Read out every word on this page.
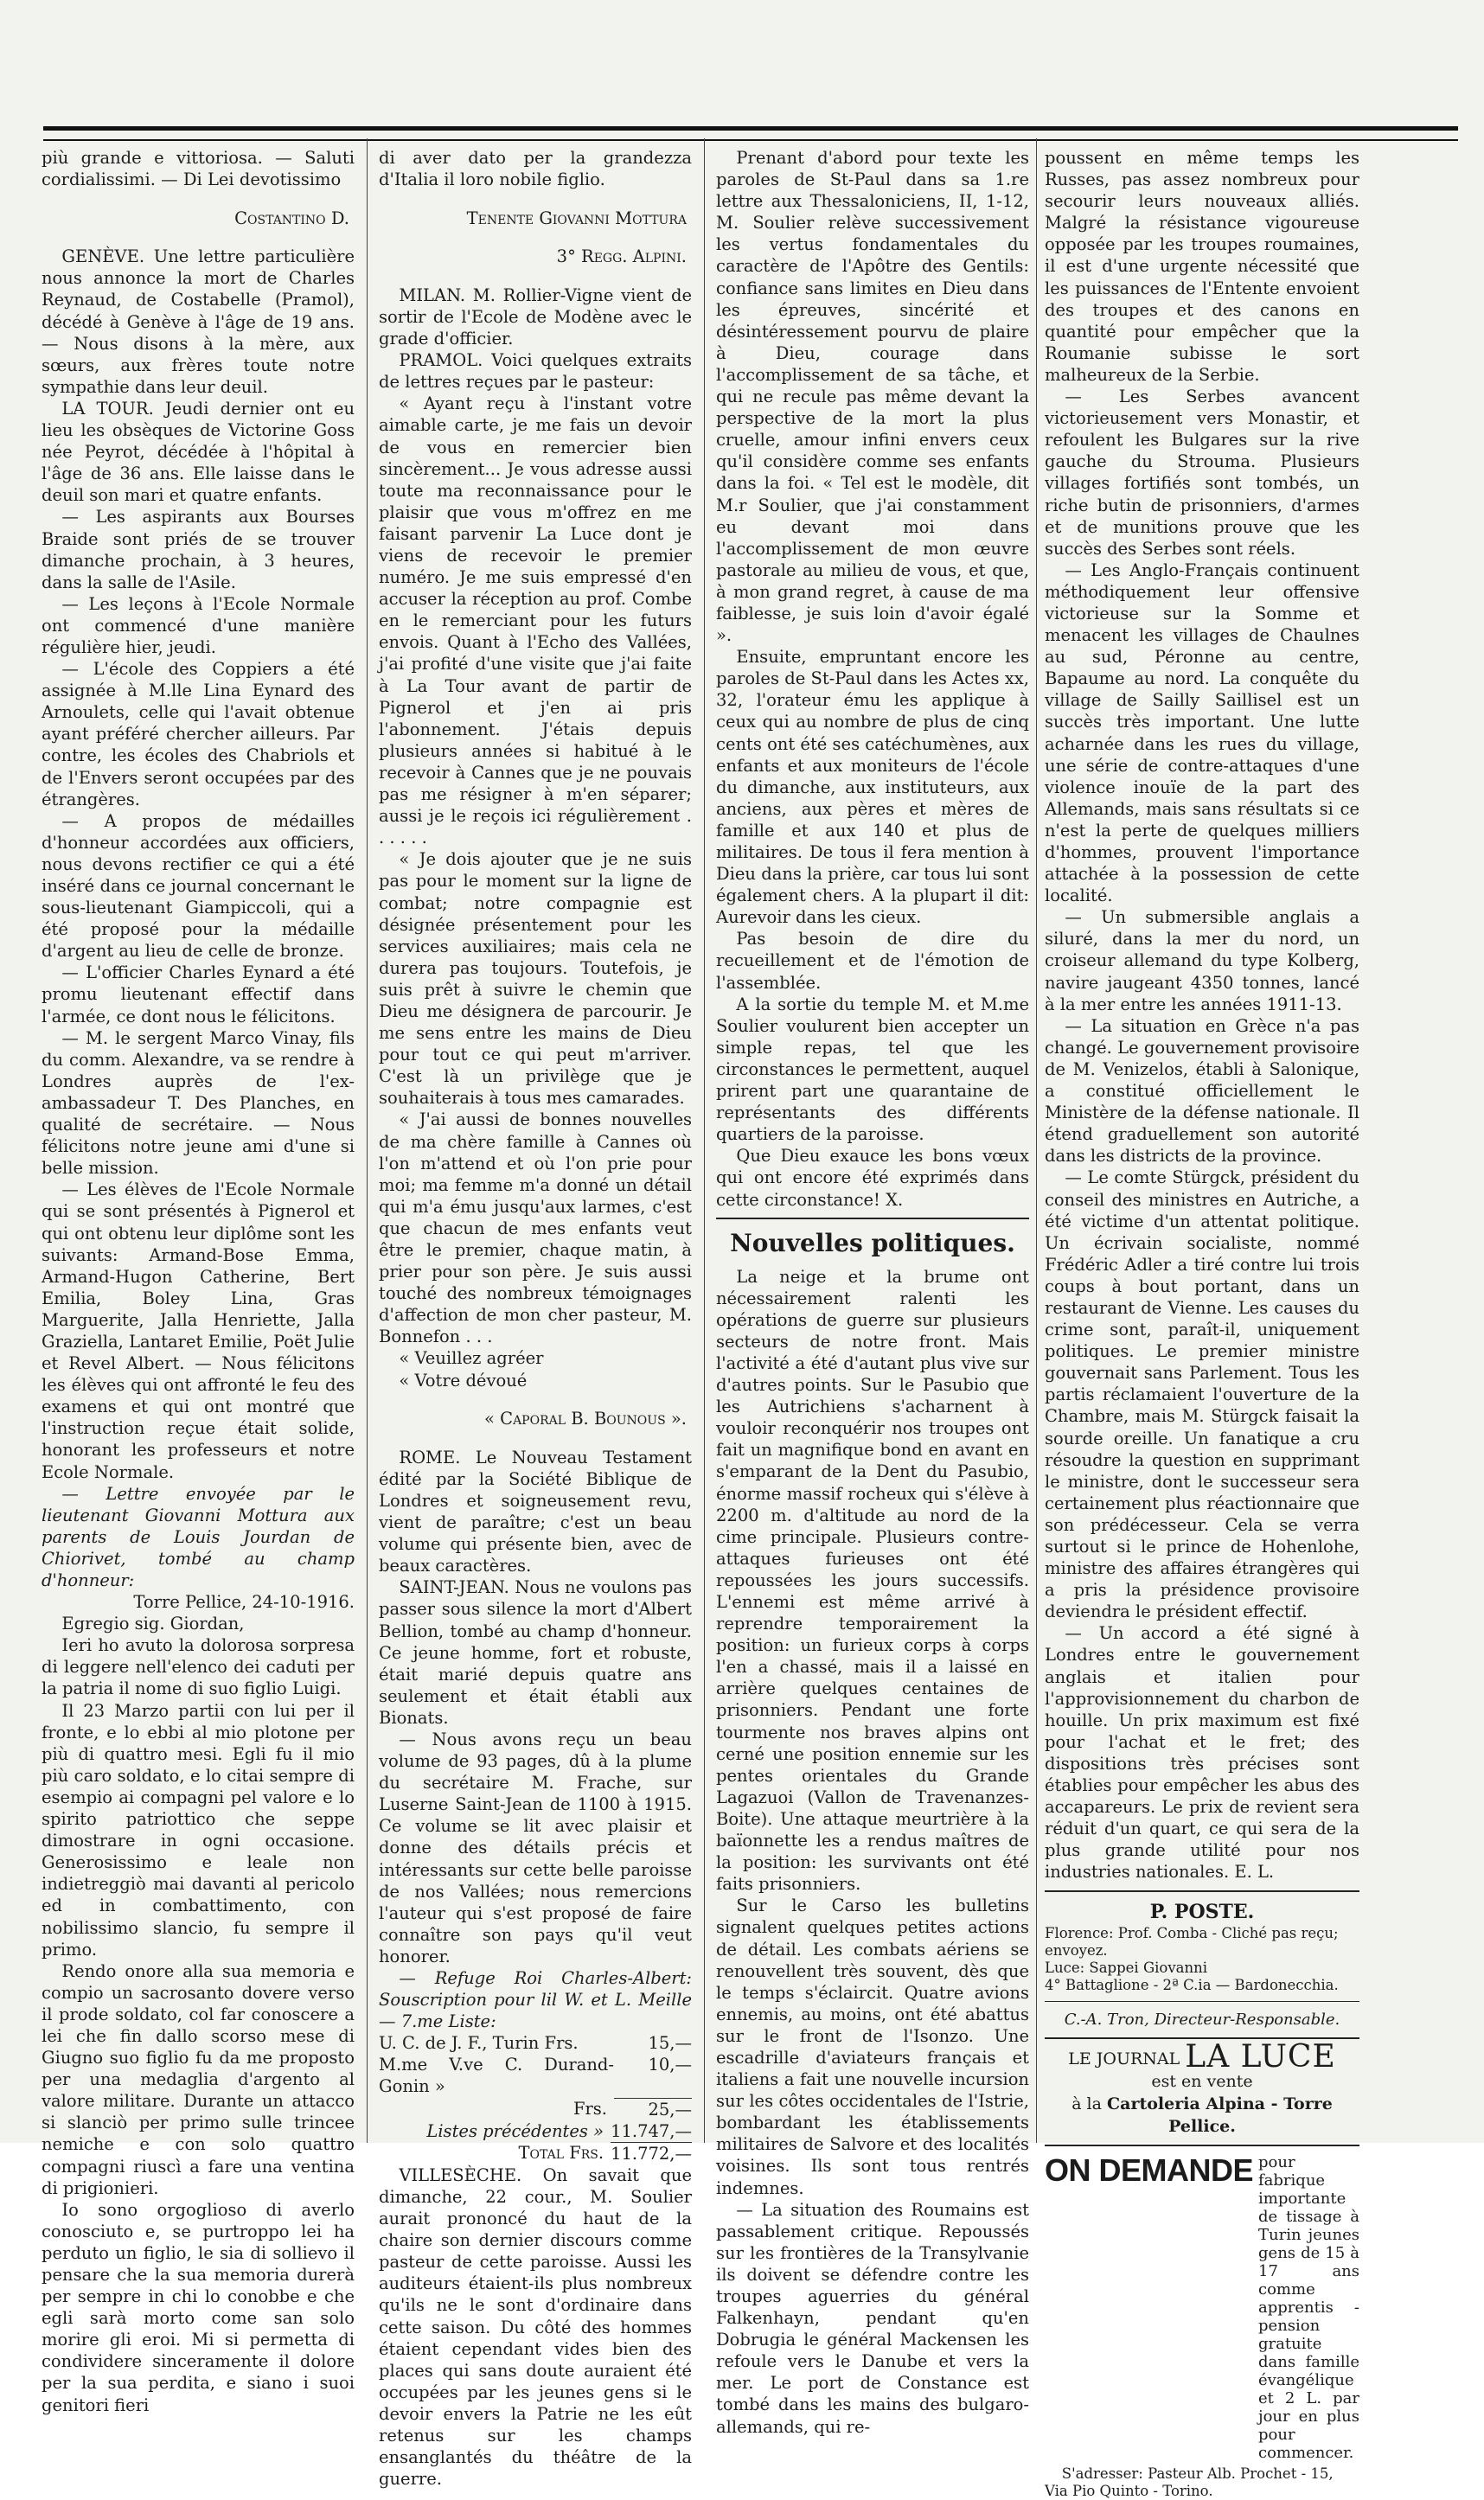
più grande e vittoriosa. — Saluti cordialissimi. — Di Lei devotissimo

Costantino D.

GENÈVE. Une lettre particulière nous annonce la mort de Charles Reynaud, de Costabelle (Pramol), décédé à Genève à l'âge de 19 ans. — Nous disons à la mère, aux sœurs, aux frères toute notre sympathie dans leur deuil.

LA TOUR. Jeudi dernier ont eu lieu les obsèques de Victorine Goss née Peyrot, décédée à l'hôpital à l'âge de 36 ans. Elle laisse dans le deuil son mari et quatre enfants.

— Les aspirants aux Bourses Braide sont priés de se trouver dimanche prochain, à 3 heures, dans la salle de l'Asile.

— Les leçons à l'Ecole Normale ont commencé d'une manière régulière hier, jeudi.

— L'école des Coppiers a été assignée à M.lle Lina Eynard des Arnoulets, celle qui l'avait obtenue ayant préféré chercher ailleurs. Par contre, les écoles des Chabriols et de l'Envers seront occupées par des étrangères.

— A propos de médailles d'honneur accordées aux officiers, nous devons rectifier ce qui a été inséré dans ce journal concernant le sous-lieutenant Giampiccoli, qui a été proposé pour la médaille d'argent au lieu de celle de bronze.

— L'officier Charles Eynard a été promu lieutenant effectif dans l'armée, ce dont nous le félicitons.

— M. le sergent Marco Vinay, fils du comm. Alexandre, va se rendre à Londres auprès de l'ex-ambassadeur T. Des Planches, en qualité de secrétaire. — Nous félicitons notre jeune ami d'une si belle mission.

— Les élèves de l'Ecole Normale qui se sont présentés à Pignerol et qui ont obtenu leur diplôme sont les suivants: Armand-Bose Emma, Armand-Hugon Catherine, Bert Emilia, Boley Lina, Gras Marguerite, Jalla Henriette, Jalla Graziella, Lantaret Emilie, Poët Julie et Revel Albert. — Nous félicitons les élèves qui ont affronté le feu des examens et qui ont montré que l'instruction reçue était solide, honorant les professeurs et notre Ecole Normale.

— Lettre envoyée par le lieutenant Giovanni Mottura aux parents de Louis Jourdan de Chiorivet, tombé au champ d'honneur:

Torre Pellice, 24-10-1916.

Egregio sig. Giordan,

Ieri ho avuto la dolorosa sorpresa di leggere nell'elenco dei caduti per la patria il nome di suo figlio Luigi.

Il 23 Marzo partii con lui per il fronte, e lo ebbi al mio plotone per più di quattro mesi. Egli fu il mio più caro soldato, e lo citai sempre di esempio ai compagni pel valore e lo spirito patriottico che seppe dimostrare in ogni occasione. Generosissimo e leale non indietreggiò mai davanti al pericolo ed in combattimento, con nobilissimo slancio, fu sempre il primo.

Rendo onore alla sua memoria e compio un sacrosanto dovere verso il prode soldato, col far conoscere a lei che fin dallo scorso mese di Giugno suo figlio fu da me proposto per una medaglia d'argento al valore militare. Durante un attacco si slanciò per primo sulle trincee nemiche e con solo quattro compagni riuscì a fare una ventina di prigionieri.

Io sono orgoglioso di averlo conosciuto e, se purtroppo lei ha perduto un figlio, le sia di sollievo il pensare che la sua memoria durerà per sempre in chi lo conobbe e che egli sarà morto come san solo morire gli eroi. Mi si permetta di condividere sinceramente il dolore per la sua perdita, e siano i suoi genitori fieri

di aver dato per la grandezza d'Italia il loro nobile figlio.

Tenente Giovanni Mottura

3° Regg. Alpini.

MILAN. M. Rollier-Vigne vient de sortir de l'Ecole de Modène avec le grade d'officier.

PRAMOL. Voici quelques extraits de lettres reçues par le pasteur:

« Ayant reçu à l'instant votre aimable carte, je me fais un devoir de vous en remercier bien sincèrement... Je vous adresse aussi toute ma reconnaissance pour le plaisir que vous m'offrez en me faisant parvenir La Luce dont je viens de recevoir le premier numéro. Je me suis empressé d'en accuser la réception au prof. Combe en le remerciant pour les futurs envois. Quant à l'Echo des Vallées, j'ai profité d'une visite que j'ai faite à La Tour avant de partir de Pignerol et j'en ai pris l'abonnement. J'étais depuis plusieurs années si habitué à le recevoir à Cannes que je ne pouvais pas me résigner à m'en séparer; aussi je le reçois ici régulièrement . . . . . .

« Je dois ajouter que je ne suis pas pour le moment sur la ligne de combat; notre compagnie est désignée présentement pour les services auxiliaires; mais cela ne durera pas toujours. Toutefois, je suis prêt à suivre le chemin que Dieu me désignera de parcourir. Je me sens entre les mains de Dieu pour tout ce qui peut m'arriver. C'est là un privilège que je souhaiterais à tous mes camarades.

« J'ai aussi de bonnes nouvelles de ma chère famille à Cannes où l'on m'attend et où l'on prie pour moi; ma femme m'a donné un détail qui m'a ému jusqu'aux larmes, c'est que chacun de mes enfants veut être le premier, chaque matin, à prier pour son père. Je suis aussi touché des nombreux témoignages d'affection de mon cher pasteur, M. Bonnefon . . .

« Veuillez agréer

« Votre dévoué

« Caporal B. Bounous ».

ROME. Le Nouveau Testament édité par la Société Biblique de Londres et soigneusement revu, vient de paraître; c'est un beau volume qui présente bien, avec de beaux caractères.

SAINT-JEAN. Nous ne voulons pas passer sous silence la mort d'Albert Bellion, tombé au champ d'honneur. Ce jeune homme, fort et robuste, était marié depuis quatre ans seulement et était établi aux Bionats.

— Nous avons reçu un beau volume de 93 pages, dû à la plume du secrétaire M. Frache, sur Luserne Saint-Jean de 1100 à 1915. Ce volume se lit avec plaisir et donne des détails précis et intéressants sur cette belle paroisse de nos Vallées; nous remercions l'auteur qui s'est proposé de faire connaître son pays qu'il veut honorer.

— Refuge Roi Charles-Albert: Souscription pour lil W. et L. Meille — 7.me Liste:

U. C. de J. F., Turin Frs.	15,—
M.me V.ve C. Durand-Gonin »
10,—
Frs.	25,—
Listes précédentes » 11.747,—
Total Frs. 11.772,—

VILLESÈCHE. On savait que dimanche, 22 cour., M. Soulier aurait prononcé du haut de la chaire son dernier discours comme pasteur de cette paroisse. Aussi les auditeurs étaient-ils plus nombreux qu'ils ne le sont d'ordinaire dans cette saison. Du côté des hommes étaient cependant vides bien des places qui sans doute auraient été occupées par les jeunes gens si le devoir envers la Patrie ne les eût retenus sur les champs ensanglantés du théâtre de la guerre.

Prenant d'abord pour texte les paroles de St-Paul dans sa 1.re lettre aux Thessaloniciens, II, 1-12, M. Soulier relève successivement les vertus fondamentales du caractère de l'Apôtre des Gentils: confiance sans limites en Dieu dans les épreuves, sincérité et désintéressement pourvu de plaire à Dieu, courage dans l'accomplissement de sa tâche, et qui ne recule pas même devant la perspective de la mort la plus cruelle, amour infini envers ceux qu'il considère comme ses enfants dans la foi. « Tel est le modèle, dit M.r Soulier, que j'ai constamment eu devant moi dans l'accomplissement de mon œuvre pastorale au milieu de vous, et que, à mon grand regret, à cause de ma faiblesse, je suis loin d'avoir égalé ».

Ensuite, empruntant encore les paroles de St-Paul dans les Actes xx, 32, l'orateur ému les applique à ceux qui au nombre de plus de cinq cents ont été ses catéchumènes, aux enfants et aux moniteurs de l'école du dimanche, aux instituteurs, aux anciens, aux pères et mères de famille et aux 140 et plus de militaires. De tous il fera mention à Dieu dans la prière, car tous lui sont également chers. A la plupart il dit: Aurevoir dans les cieux.

Pas besoin de dire du recueillement et de l'émotion de l'assemblée.

A la sortie du temple M. et M.me Soulier voulurent bien accepter un simple repas, tel que les circonstances le permettent, auquel prirent part une quarantaine de représentants des différents quartiers de la paroisse.

Que Dieu exauce les bons vœux qui ont encore été exprimés dans cette circonstance! X.

Nouvelles politiques.

La neige et la brume ont nécessairement ralenti les opérations de guerre sur plusieurs secteurs de notre front. Mais l'activité a été d'autant plus vive sur d'autres points. Sur le Pasubio que les Autrichiens s'acharnent à vouloir reconquérir nos troupes ont fait un magnifique bond en avant en s'emparant de la Dent du Pasubio, énorme massif rocheux qui s'élève à 2200 m. d'altitude au nord de la cime principale. Plusieurs contre-attaques furieuses ont été repoussées les jours successifs. L'ennemi est même arrivé à reprendre temporairement la position: un furieux corps à corps l'en a chassé, mais il a laissé en arrière quelques centaines de prisonniers. Pendant une forte tourmente nos braves alpins ont cerné une position ennemie sur les pentes orientales du Grande Lagazuoi (Vallon de Travenanzes-Boite). Une attaque meurtrière à la baïonnette les a rendus maîtres de la position: les survivants ont été faits prisonniers.

Sur le Carso les bulletins signalent quelques petites actions de détail. Les combats aériens se renouvellent très souvent, dès que le temps s'éclaircit. Quatre avions ennemis, au moins, ont été abattus sur le front de l'Isonzo. Une escadrille d'aviateurs français et italiens a fait une nouvelle incursion sur les côtes occidentales de l'Istrie, bombardant les établissements militaires de Salvore et des localités voisines. Ils sont tous rentrés indemnes.

— La situation des Roumains est passablement critique. Repoussés sur les frontières de la Transylvanie ils doivent se défendre contre les troupes aguerries du général Falkenhayn, pendant qu'en Dobrugia le général Mackensen les refoule vers le Danube et vers la mer. Le port de Constance est tombé dans les mains des bulgaro-allemands, qui re-

poussent en même temps les Russes, pas assez nombreux pour secourir leurs nouveaux alliés. Malgré la résistance vigoureuse opposée par les troupes roumaines, il est d'une urgente nécessité que les puissances de l'Entente envoient des troupes et des canons en quantité pour empêcher que la Roumanie subisse le sort malheureux de la Serbie.

— Les Serbes avancent victorieusement vers Monastir, et refoulent les Bulgares sur la rive gauche du Strouma. Plusieurs villages fortifiés sont tombés, un riche butin de prisonniers, d'armes et de munitions prouve que les succès des Serbes sont réels.

— Les Anglo-Français continuent méthodiquement leur offensive victorieuse sur la Somme et menacent les villages de Chaulnes au sud, Péronne au centre, Bapaume au nord. La conquête du village de Sailly Saillisel est un succès très important. Une lutte acharnée dans les rues du village, une série de contre-attaques d'une violence inouïe de la part des Allemands, mais sans résultats si ce n'est la perte de quelques milliers d'hommes, prouvent l'importance attachée à la possession de cette localité.

— Un submersible anglais a siluré, dans la mer du nord, un croiseur allemand du type Kolberg, navire jaugeant 4350 tonnes, lancé à la mer entre les années 1911-13.

— La situation en Grèce n'a pas changé. Le gouvernement provisoire de M. Venizelos, établi à Salonique, a constitué officiellement le Ministère de la défense nationale. Il étend graduellement son autorité dans les districts de la province.

— Le comte Stürgck, président du conseil des ministres en Autriche, a été victime d'un attentat politique. Un écrivain socialiste, nommé Frédéric Adler a tiré contre lui trois coups à bout portant, dans un restaurant de Vienne. Les causes du crime sont, paraît-il, uniquement politiques. Le premier ministre gouvernait sans Parlement. Tous les partis réclamaient l'ouverture de la Chambre, mais M. Stürgck faisait la sourde oreille. Un fanatique a cru résoudre la question en supprimant le ministre, dont le successeur sera certainement plus réactionnaire que son prédécesseur. Cela se verra surtout si le prince de Hohenlohe, ministre des affaires étrangères qui a pris la présidence provisoire deviendra le président effectif.

— Un accord a été signé à Londres entre le gouvernement anglais et italien pour l'approvisionnement du charbon de houille. Un prix maximum est fixé pour l'achat et le fret; des dispositions très précises sont établies pour empêcher les abus des accapareurs. Le prix de revient sera réduit d'un quart, ce qui sera de la plus grande utilité pour nos industries nationales. E. L.

P. POSTE.
Florence: Prof. Comba - Cliché pas reçu; envoyez.
Luce: Sappei Giovanni
4° Battaglione - 2ª C.ia — Bardonecchia.
C.-A. Tron, Directeur-Responsable.
LE JOURNAL LA LUCE
est en vente
à la Cartoleria Alpina - Torre Pellice.
ON DEMANDE pour fabrique importante de tissage à Turin jeunes gens de 15 à 17 ans comme apprentis - pension gratuite dans famille évangélique et 2 L. par jour en plus pour commencer.

S'adresser: Pasteur Alb. Prochet - 15, Via Pio Quinto - Torino.
